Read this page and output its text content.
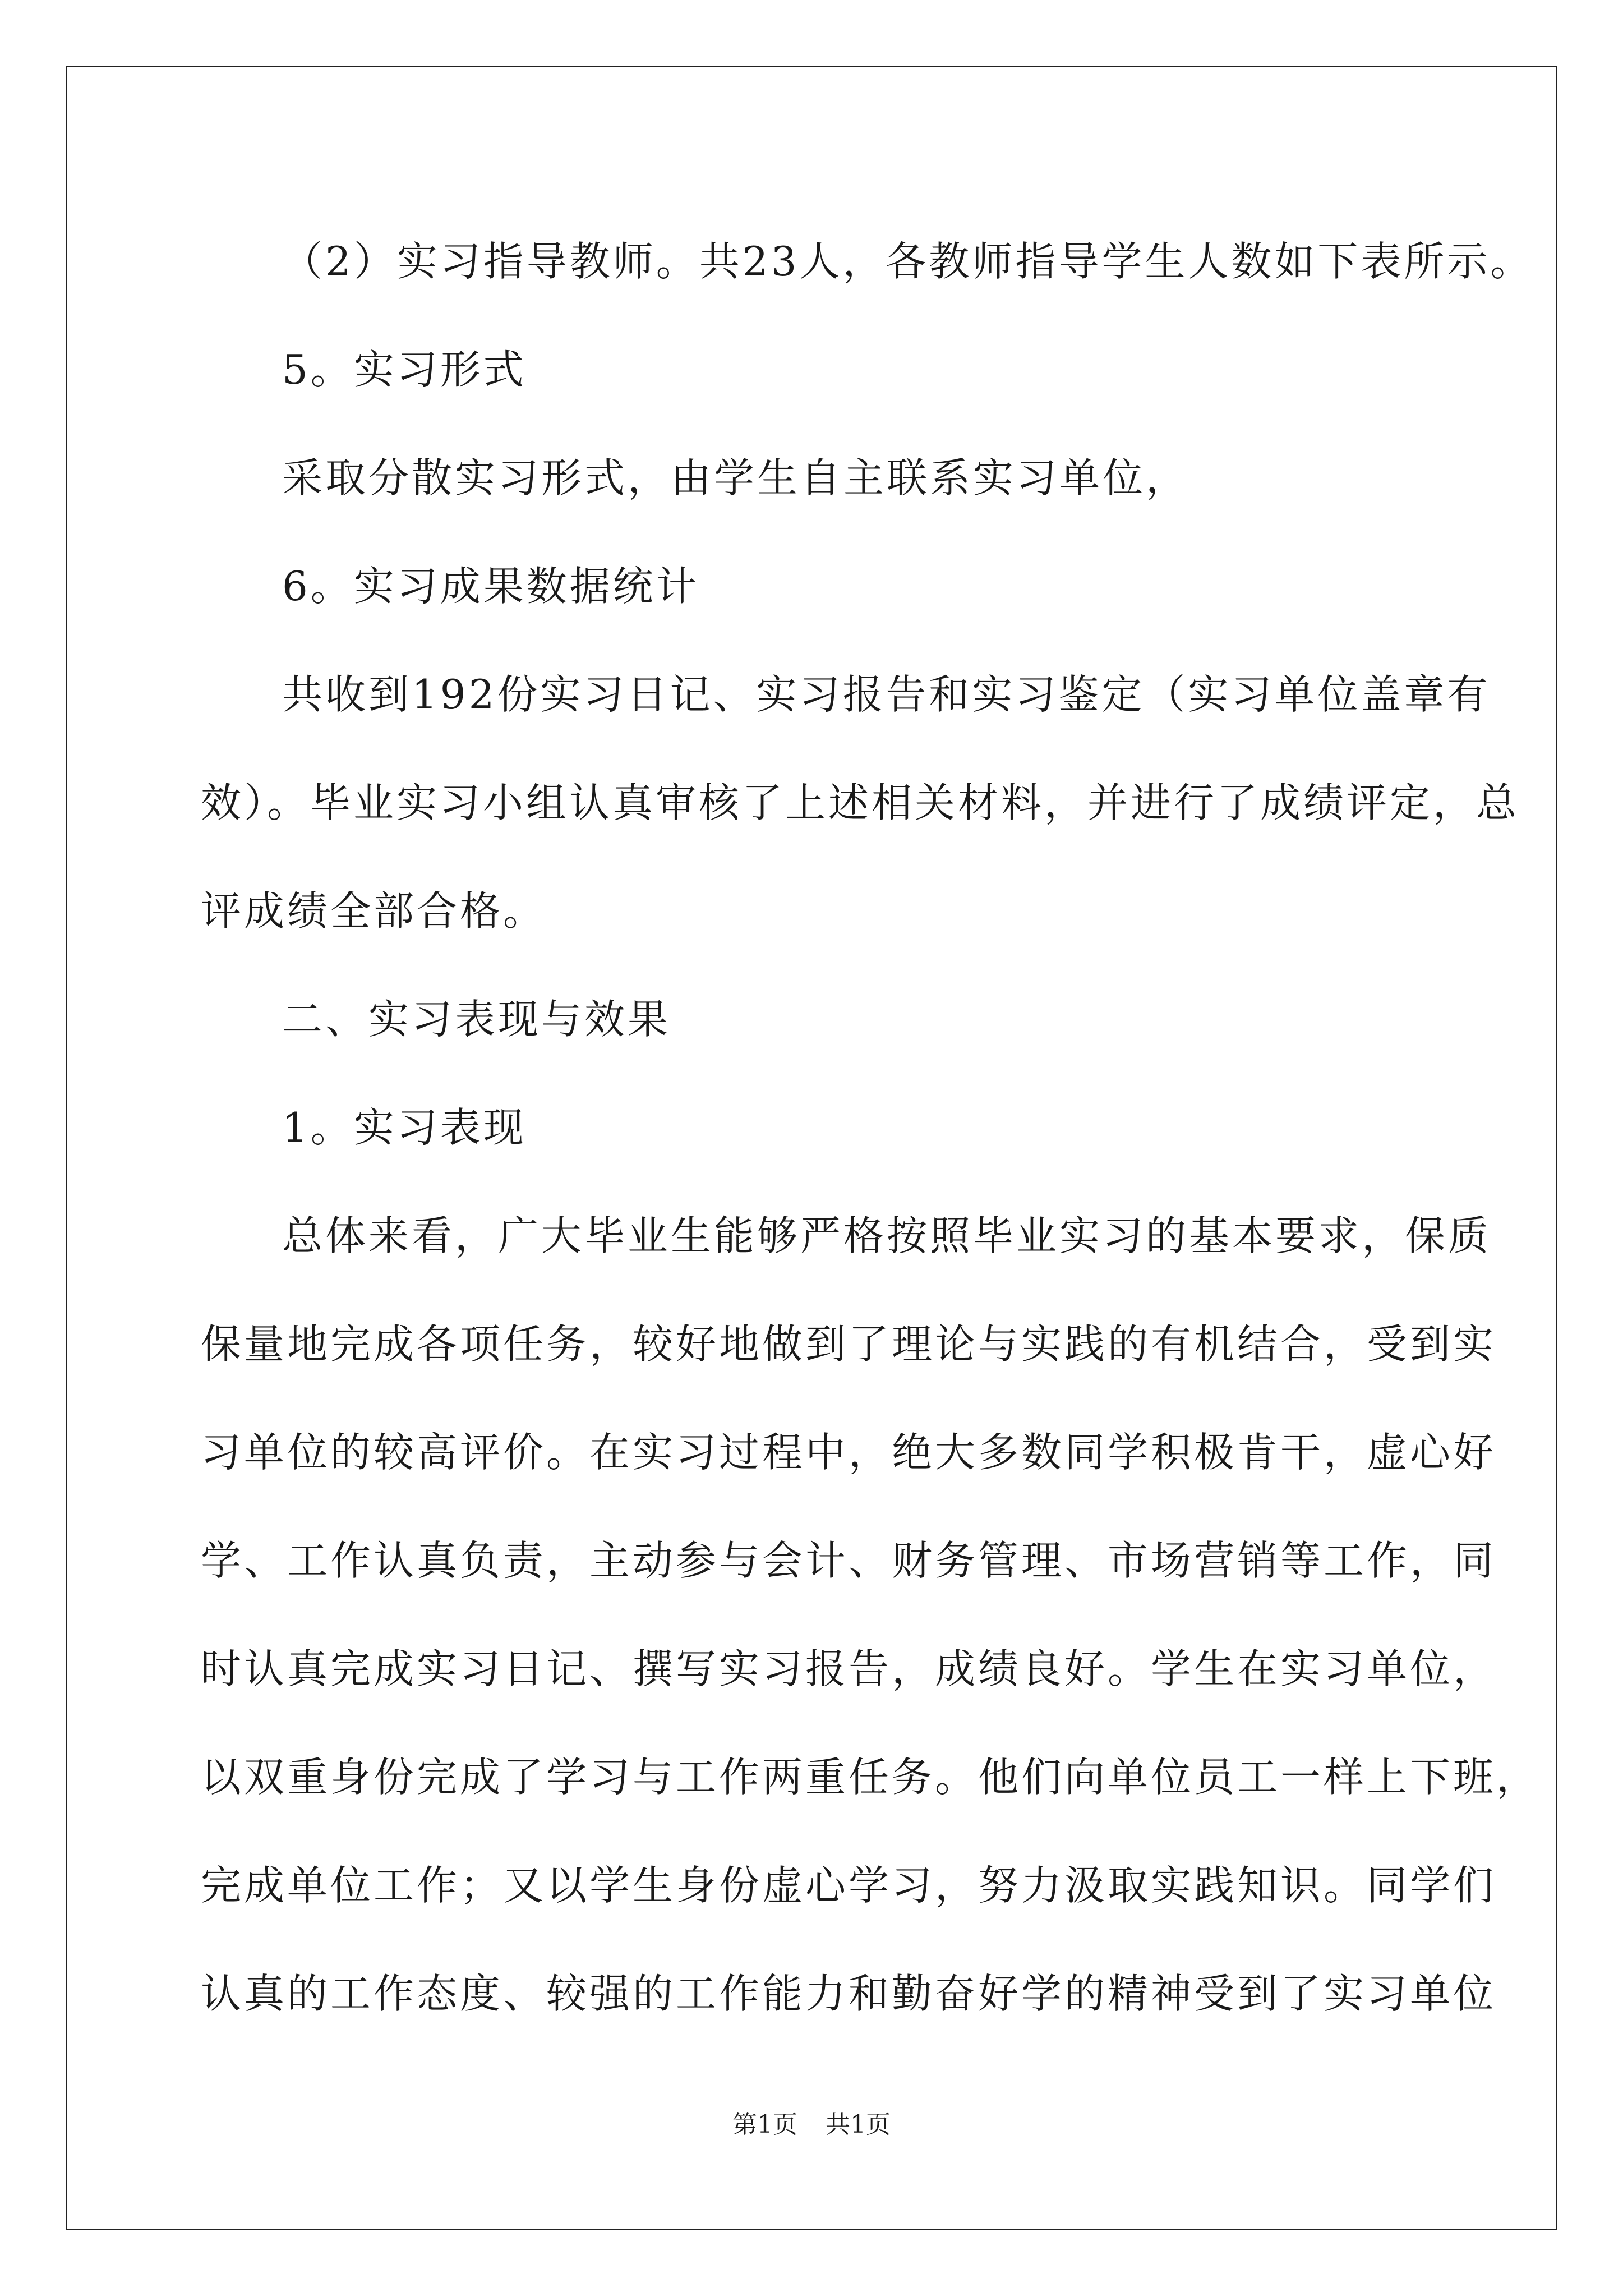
（2）实习指导教师。共23人，各教师指导学生人数如下表所示。

5。实习形式

采取分散实习形式，由学生自主联系实习单位，

6。实习成果数据统计

共收到192份实习日记、实习报告和实习鉴定（实习单位盖章有

效）。毕业实习小组认真审核了上述相关材料，并进行了成绩评定，总

评成绩全部合格。

二、实习表现与效果

1。实习表现

总体来看，广大毕业生能够严格按照毕业实习的基本要求，保质

保量地完成各项任务，较好地做到了理论与实践的有机结合，受到实

习单位的较高评价。在实习过程中，绝大多数同学积极肯干，虚心好

学、工作认真负责，主动参与会计、财务管理、市场营销等工作，同

时认真完成实习日记、撰写实习报告，成绩良好。学生在实习单位，

以双重身份完成了学习与工作两重任务。他们向单位员工一样上下班，

完成单位工作；又以学生身份虚心学习，努力汲取实践知识。同学们

认真的工作态度、较强的工作能力和勤奋好学的精神受到了实习单位

第1页 共1页
